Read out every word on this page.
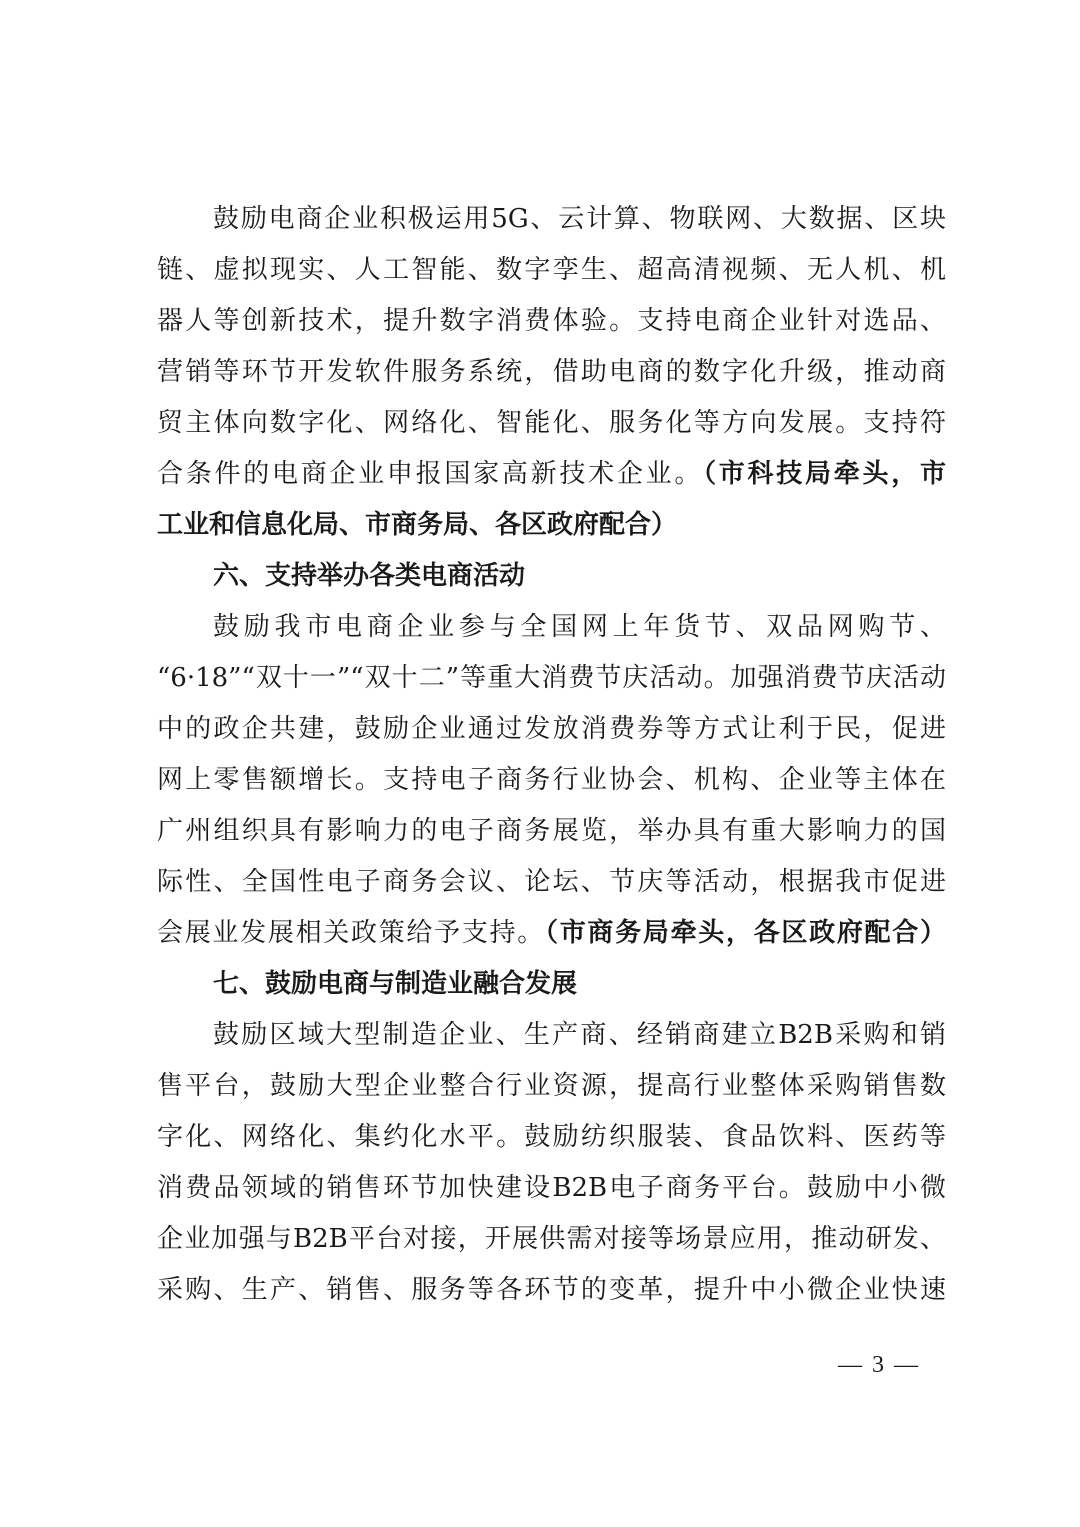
鼓励电商企业积极运用5G、云计算、物联网、大数据、区块
链、虚拟现实、人工智能、数字孪生、超高清视频、无人机、机
器人等创新技术，提升数字消费体验。支持电商企业针对选品、
营销等环节开发软件服务系统，借助电商的数字化升级，推动商
贸主体向数字化、网络化、智能化、服务化等方向发展。支持符
合条件的电商企业申报国家高新技术企业。（市科技局牵头，市
工业和信息化局、市商务局、各区政府配合）
六、支持举办各类电商活动
鼓励我市电商企业参与全国网上年货节、双品网购节、
“6·18”“双十一”“双十二”等重大消费节庆活动。加强消费节庆活动
中的政企共建，鼓励企业通过发放消费券等方式让利于民，促进
网上零售额增长。支持电子商务行业协会、机构、企业等主体在
广州组织具有影响力的电子商务展览，举办具有重大影响力的国
际性、全国性电子商务会议、论坛、节庆等活动，根据我市促进
会展业发展相关政策给予支持。（市商务局牵头，各区政府配合）
七、鼓励电商与制造业融合发展
鼓励区域大型制造企业、生产商、经销商建立B2B采购和销
售平台，鼓励大型企业整合行业资源，提高行业整体采购销售数
字化、网络化、集约化水平。鼓励纺织服装、食品饮料、医药等
消费品领域的销售环节加快建设B2B电子商务平台。鼓励中小微
企业加强与B2B平台对接，开展供需对接等场景应用，推动研发、
采购、生产、销售、服务等各环节的变革，提升中小微企业快速
— 3 —
